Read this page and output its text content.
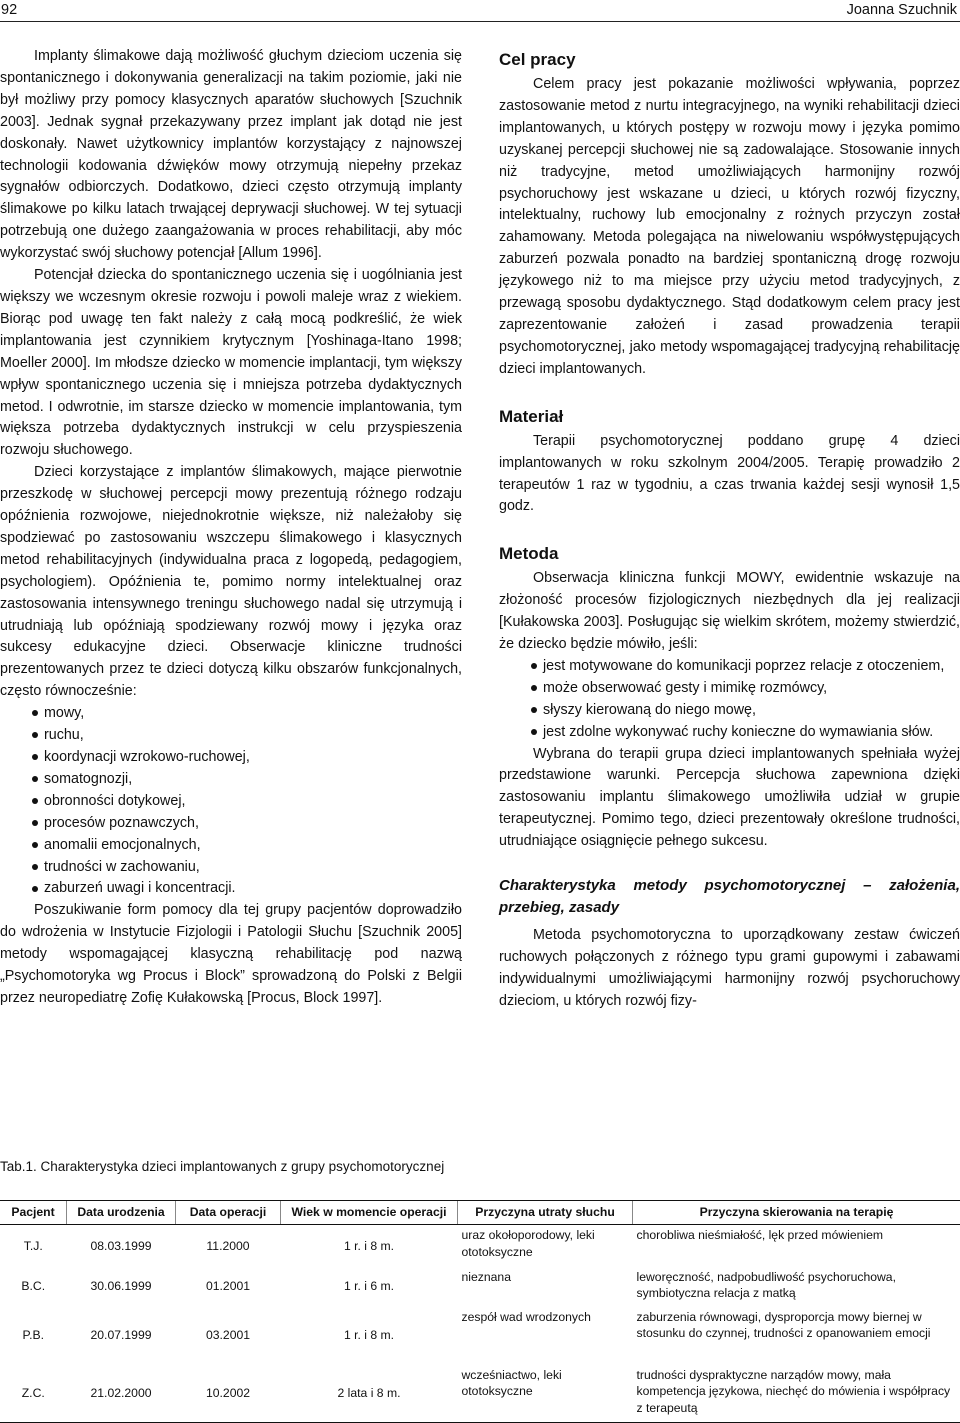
92	Joanna Szuchnik

Implanty ślimakowe dają możliwość głuchym dzieciom uczenia się spontanicznego i dokonywania generalizacji na takim poziomie, jaki nie był możliwy przy pomocy klasycznych aparatów słuchowych [Szuchnik 2003]. Jednak sygnał przekazywany przez implant jak dotąd nie jest doskonały. Nawet użytkownicy implantów korzystający z najnowszej technologii kodowania dźwięków mowy otrzymują niepełny przekaz sygnałów odbiorczych. Dodatkowo, dzieci często otrzymują implanty ślimakowe po kilku latach trwającej deprywacji słuchowej. W tej sytuacji potrzebują one dużego zaangażowania w proces rehabilitacji, aby móc wykorzystać swój słuchowy potencjał [Allum 1996].

Potencjał dziecka do spontanicznego uczenia się i uogólniania jest większy we wczesnym okresie rozwoju i powoli maleje wraz z wiekiem. Biorąc pod uwagę ten fakt należy z całą mocą podkreślić, że wiek implantowania jest czynnikiem krytycznym [Yoshinaga-Itano 1998; Moeller 2000]. Im młodsze dziecko w momencie implantacji, tym większy wpływ spontanicznego uczenia się i mniejsza potrzeba dydaktycznych metod. I odwrotnie, im starsze dziecko w momencie implantowania, tym większa potrzeba dydaktycznych instrukcji w celu przyspieszenia rozwoju słuchowego.

Dzieci korzystające z implantów ślimakowych, mające pierwotnie przeszkodę w słuchowej percepcji mowy prezentują różnego rodzaju opóźnienia rozwojowe, niejednokrotnie większe, niż należałoby się spodziewać po zastosowaniu wszczepu ślimakowego i klasycznych metod rehabilitacyjnych (indywidualna praca z logopedą, pedagogiem, psychologiem). Opóźnienia te, pomimo normy intelektualnej oraz zastosowania intensywnego treningu słuchowego nadal się utrzymują i utrudniają lub opóźniają spodziewany rozwój mowy i języka oraz sukcesy edukacyjne dzieci. Obserwacje kliniczne trudności prezentowanych przez te dzieci dotyczą kilku obszarów funkcjonalnych, często równocześnie:

mowy,
ruchu,
koordynacji wzrokowo-ruchowej,
somatognozji,
obronności dotykowej,
procesów poznawczych,
anomalii emocjonalnych,
trudności w zachowaniu,
zaburzeń uwagi i koncentracji.

Poszukiwanie form pomocy dla tej grupy pacjentów doprowadziło do wdrożenia w Instytucie Fizjologii i Patologii Słuchu [Szuchnik 2005] metody wspomagającej klasyczną rehabilitację pod nazwą „Psychomotoryka wg Procus i Block” sprowadzoną do Polski z Belgii przez neuropediatrę Zofię Kułakowską [Procus, Block 1997].

Cel pracy

Celem pracy jest pokazanie możliwości wpływania, poprzez zastosowanie metod z nurtu integracyjnego, na wyniki rehabilitacji dzieci implantowanych, u których postępy w rozwoju mowy i języka pomimo uzyskanej percepcji słuchowej nie są zadowalające. Stosowanie innych niż tradycyjne, metod umożliwiających harmonijny rozwój psychoruchowy jest wskazane u dzieci, u których rozwój fizyczny, intelektualny, ruchowy lub emocjonalny z rożnych przyczyn został zahamowany. Metoda polegająca na niwelowaniu współwystępujących zaburzeń pozwala ponadto na bardziej spontaniczną drogę rozwoju językowego niż to ma miejsce przy użyciu metod tradycyjnych, z przewagą sposobu dydaktycznego. Stąd dodatkowym celem pracy jest zaprezentowanie założeń i zasad prowadzenia terapii psychomotorycznej, jako metody wspomagającej tradycyjną rehabilitację dzieci implantowanych.

Materiał

Terapii psychomotorycznej poddano grupę 4 dzieci implantowanych w roku szkolnym 2004/2005. Terapię prowadziło 2 terapeutów 1 raz w tygodniu, a czas trwania każdej sesji wynosił 1,5 godz.

Metoda

Obserwacja kliniczna funkcji MOWY, ewidentnie wskazuje na złożoność procesów fizjologicznych niezbędnych dla jej realizacji [Kułakowska 2003]. Posługując się wielkim skrótem, możemy stwierdzić, że dziecko będzie mówiło, jeśli:

jest motywowane do komunikacji poprzez relacje z otoczeniem,
może obserwować gesty i mimikę rozmówcy,
słyszy kierowaną do niego mowę,
jest zdolne wykonywać ruchy konieczne do wymawiania słów.

Wybrana do terapii grupa dzieci implantowanych spełniała wyżej przedstawione warunki. Percepcja słuchowa zapewniona dzięki zastosowaniu implantu ślimakowego umożliwiła udział w grupie terapeutycznej. Pomimo tego, dzieci prezentowały określone trudności, utrudniające osiągnięcie pełnego sukcesu.

Charakterystyka metody psychomotorycznej – założenia, przebieg, zasady

Metoda psychomotoryczna to uporządkowany zestaw ćwiczeń ruchowych połączonych z różnego typu grami gupowymi i zabawami indywidualnymi umożliwiającymi harmonijny rozwój psychoruchowy dzieciom, u których rozwój fizy-

Tab.1. Charakterystyka dzieci implantowanych z grupy psychomotorycznej
Pacjent	Data urodzenia	Data operacji	Wiek w momencie operacji	Przyczyna utraty słuchu	Przyczyna skierowania na terapię
T.J.	08.03.1999	11.2000	1 r. i 8 m.	uraz okołoporodowy, leki ototoksyczne	chorobliwa nieśmiałość, lęk przed mówieniem
B.C.	30.06.1999	01.2001	1 r. i 6 m.	nieznana	leworęczność, nadpobudliwość psychoruchowa, symbiotyczna relacja z matką
P.B.	20.07.1999	03.2001	1 r. i 8 m.	zespół wad wrodzonych	zaburzenia równowagi, dysproporcja mowy biernej w stosunku do czynnej, trudności z opanowaniem emocji
Z.C.	21.02.2000	10.2002	2 lata i 8 m.	wcześniactwo, leki ototoksyczne	trudności dyspraktyczne narządów mowy, mała kompetencja językowa, niechęć do mówienia i współpracy z terapeutą
